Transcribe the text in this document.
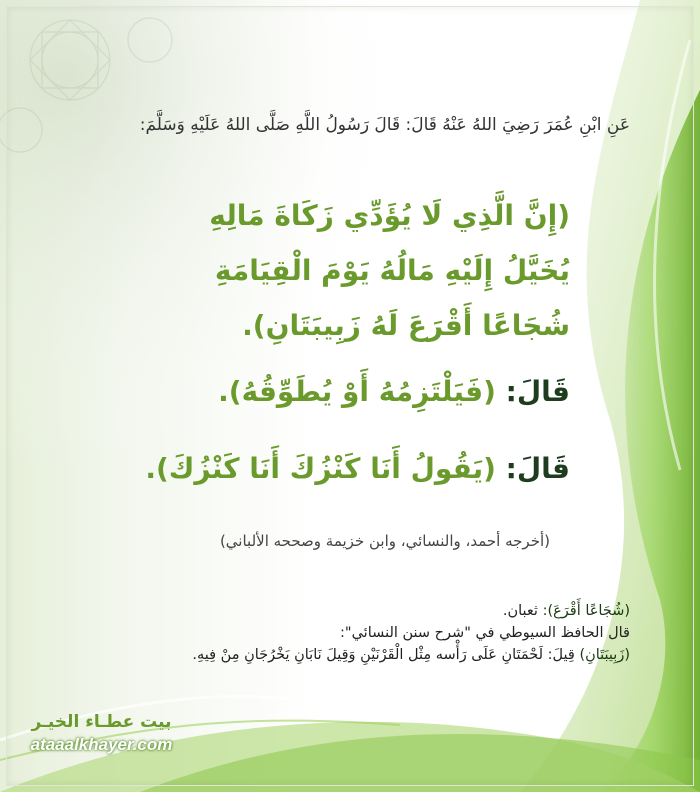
عَنِ ابْنِ عُمَرَ رَضِيَ اللهُ عَنْهُ قَالَ: قَالَ رَسُولُ اللَّهِ صَلَّى اللهُ عَلَيْهِ وَسَلَّمَ:
(إِنَّ الَّذِي لَا يُؤَدِّي زَكَاةَ مَالِهِ
يُخَيَّلُ إِلَيْهِ مَالُهُ يَوْمَ الْقِيَامَةِ
شُجَاعًا أَقْرَعَ لَهُ زَبِيبَتَانِ).
قَالَ: (فَيَلْتَزِمُهُ أَوْ يُطَوِّقُهُ).
قَالَ: (يَقُولُ أَنَا كَنْزُكَ أَنَا كَنْزُكَ).
(أخرجه أحمد، والنسائي، وابن خزيمة وصححه الألباني)
(شُجَاعًا أَقْرَعَ): ثعبان.
قال الحافظ السيوطي في "شرح سنن النسائي":
(زَبِيبَتَانِ) قِيلَ: لَحْمَتَانِ عَلَى رَأْسه مِثْل الْقَرْنَيْنِ وَقِيلَ نَابَانِ يَخْرُجَانِ مِنْ فِيهِ.
بيت عطـاء الخيـر
ataaalkhayer.com
